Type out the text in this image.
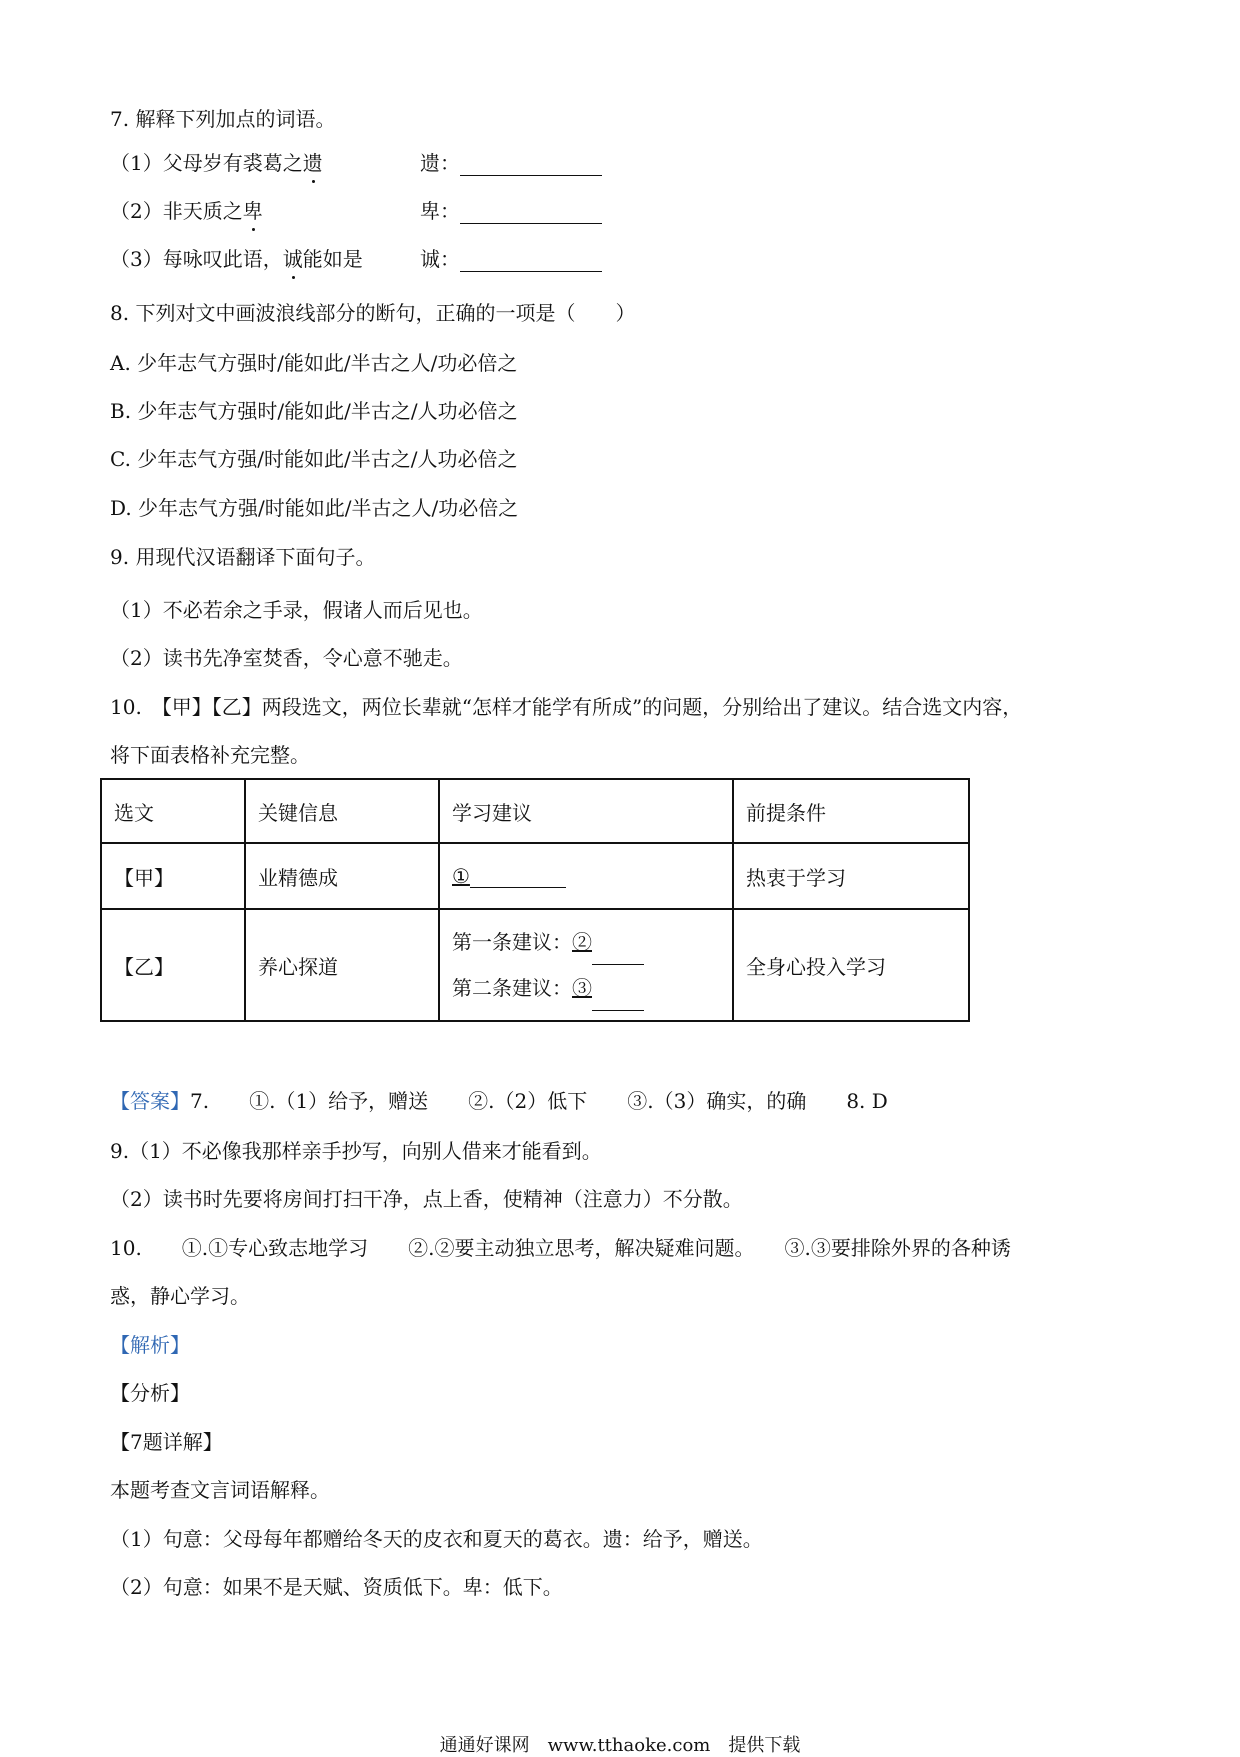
7. 解释下列加点的词语。
（1）父母岁有裘葛之遗	遗：
（2）非天质之卑	卑：
（3）每咏叹此语，诚能如是	诚：
8. 下列对文中画波浪线部分的断句，正确的一项是（　　）
A. 少年志气方强时/能如此/半古之人/功必倍之
B. 少年志气方强时/能如此/半古之/人功必倍之
C. 少年志气方强/时能如此/半古之/人功必倍之
D. 少年志气方强/时能如此/半古之人/功必倍之
9. 用现代汉语翻译下面句子。
（1）不必若余之手录，假诸人而后见也。
（2）读书先净室焚香，令心意不驰走。
10.　【甲】【乙】两段选文，两位长辈就“怎样才能学有所成”的问题，分别给出了建议。结合选文内容，
将下面表格补充完整。
选文	关键信息	学习建议	前提条件
【甲】	业精德成	①	热衷于学习
【乙】	养心探道	第一条建议：②
第二条建议：③	全身心投入学习
【答案】7.　　①.（1）给予，赠送　　②.（2）低下　　③.（3）确实，的确　　8. D
9.（1）不必像我那样亲手抄写，向别人借来才能看到。
（2）读书时先要将房间打扫干净，点上香，使精神（注意力）不分散。
10.　　①.①专心致志地学习　　②.②要主动独立思考，解决疑难问题。　　③.③要排除外界的各种诱
惑，静心学习。
【解析】
【分析】
【7题详解】
本题考查文言词语解释。
（1）句意：父母每年都赠给冬天的皮衣和夏天的葛衣。遗：给予，赠送。
（2）句意：如果不是天赋、资质低下。卑：低下。
通通好课网　www.tthaoke.com　提供下载
